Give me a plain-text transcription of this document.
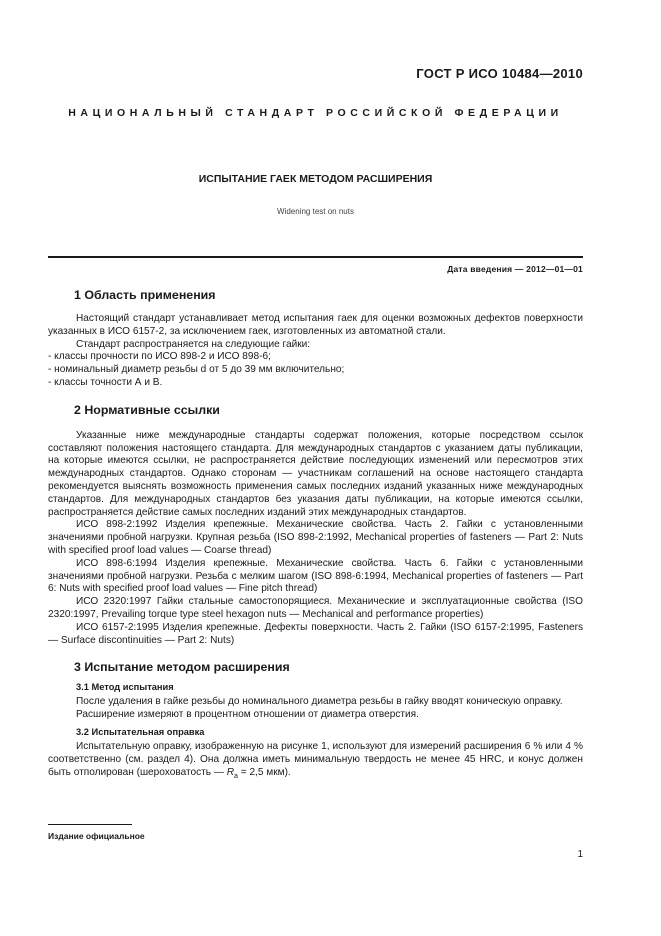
ГОСТ Р ИСО 10484—2010
НАЦИОНАЛЬНЫЙ СТАНДАРТ РОССИЙСКОЙ ФЕДЕРАЦИИ
ИСПЫТАНИЕ ГАЕК МЕТОДОМ РАСШИРЕНИЯ
Widening test on nuts
Дата введения — 2012—01—01
1 Область применения

Настоящий стандарт устанавливает метод испытания гаек для оценки возможных дефектов поверхности указанных в ИСО 6157-2, за исключением гаек, изготовленных из автоматной стали.

Стандарт распространяется на следующие гайки:

- классы прочности по ИСО 898-2 и ИСО 898-6;

- номинальный диаметр резьбы d от 5 до 39 мм включительно;

- классы точности А и В.

2 Нормативные ссылки

Указанные ниже международные стандарты содержат положения, которые посредством ссылок составляют положения настоящего стандарта. Для международных стандартов с указанием даты публикации, на которые имеются ссылки, не распространяется действие последующих изменений или пересмотров этих международных стандартов. Однако сторонам — участникам соглашений на основе настоящего стандарта рекомендуется выяснять возможность применения самых последних изданий указанных ниже международных стандартов. Для международных стандартов без указания даты публикации, на которые имеются ссылки, распространяется действие самых последних изданий этих международных стандартов.

ИСО 898-2:1992 Изделия крепежные. Механические свойства. Часть 2. Гайки с установленными значениями пробной нагрузки. Крупная резьба (ISO 898-2:1992, Mechanical properties of fasteners — Part 2: Nuts with specified proof load values — Coarse thread)

ИСО 898-6:1994 Изделия крепежные. Механические свойства. Часть 6. Гайки с установленными значениями пробной нагрузки. Резьба с мелким шагом (ISO 898-6:1994, Mechanical properties of fasteners — Part 6: Nuts with specified proof load values — Fine pitch thread)

ИСО 2320:1997 Гайки стальные самостопорящиеся. Механические и эксплуатационные свойства (ISO 2320:1997, Prevailing torque type steel hexagon nuts — Mechanical and performance properties)

ИСО 6157-2:1995 Изделия крепежные. Дефекты поверхности. Часть 2. Гайки (ISO 6157-2:1995, Fasteners — Surface discontinuities — Part 2: Nuts)

3 Испытание методом расширения
3.1 Метод испытания

После удаления в гайке резьбы до номинального диаметра резьбы в гайку вводят коническую оправку.

Расширение измеряют в процентном отношении от диаметра отверстия.

3.2 Испытательная оправка

Испытательную оправку, изображенную на рисунке 1, используют для измерений расширения 6 % или 4 % соответственно (см. раздел 4). Она должна иметь минимальную твердость не менее 45 HRC, и конус должен быть отполирован (шероховатость — $R_a = 2,5$ мкм).

Издание официальное
1
